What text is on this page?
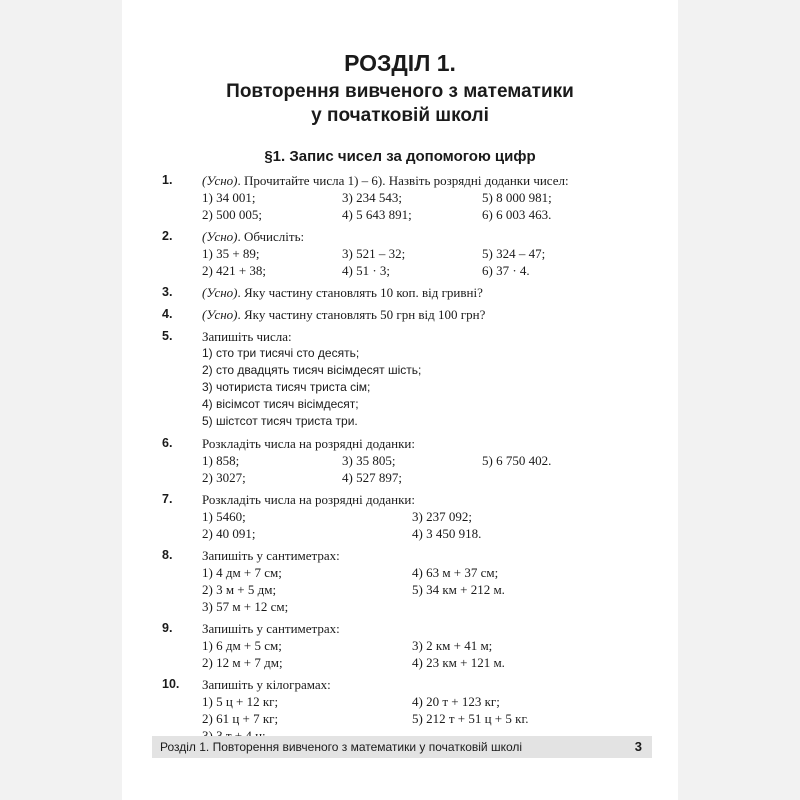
РОЗДІЛ 1.
Повторення вивченого з математики
у початковій школі
§1. Запис чисел за допомогою цифр
1. (Усно). Прочитайте числа 1) – 6). Назвіть розрядні доданки чисел:
1) 34 001;	3) 234 543;	5) 8 000 981;
2) 500 005;	4) 5 643 891;	6) 6 003 463.
2. (Усно). Обчисліть:
1) 35 + 89;	3) 521 – 32;	5) 324 – 47;
2) 421 + 38;	4) 51 · 3;	6) 37 · 4.
3. (Усно). Яку частину становлять 10 коп. від гривні?
4. (Усно). Яку частину становлять 50 грн від 100 грн?
5. Запишіть числа:
1) сто три тисячі сто десять;
2) сто двадцять тисяч вісімдесят шість;
3) чотириста тисяч триста сім;
4) вісімсот тисяч вісімдесят;
5) шістсот тисяч триста три.
6. Розкладіть числа на розрядні доданки:
1) 858;	3) 35 805;	5) 6 750 402.
2) 3027;	4) 527 897;
7. Розкладіть числа на розрядні доданки:
1) 5460;	3) 237 092;
2) 40 091;	4) 3 450 918.
8. Запишіть у сантиметрах:
1) 4 дм + 7 см;	4) 63 м + 37 см;
2) 3 м + 5 дм;	5) 34 км + 212 м.
3) 57 м + 12 см;
9. Запишіть у сантиметрах:
1) 6 дм + 5 см;	3) 2 км + 41 м;
2) 12 м + 7 дм;	4) 23 км + 121 м.
10. Запишіть у кілограмах:
1) 5 ц + 12 кг;	4) 20 т + 123 кг;
2) 61 ц + 7 кг;	5) 212 т + 51 ц + 5 кг.
Розділ 1. Повторення вивченого з математики у початковій школі	3
